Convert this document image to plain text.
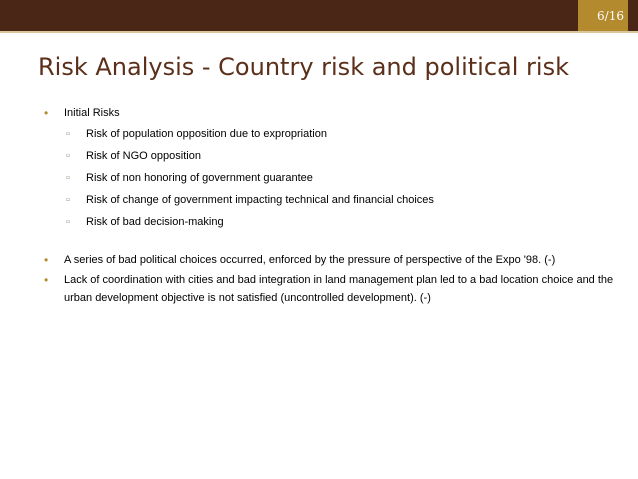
6/16
Risk Analysis - Country risk and political risk
• Initial Risks
▫ Risk of population opposition due to expropriation
▫ Risk of NGO opposition
▫ Risk of non honoring of government guarantee
▫ Risk of change of government impacting technical and financial choices
▫ Risk of bad decision-making
• A series of bad political choices occurred, enforced by the pressure of perspective of the Expo '98. (-)
• Lack of coordination with cities and bad integration in land management plan led to a bad location choice and the urban development objective is not satisfied (uncontrolled development). (-)
